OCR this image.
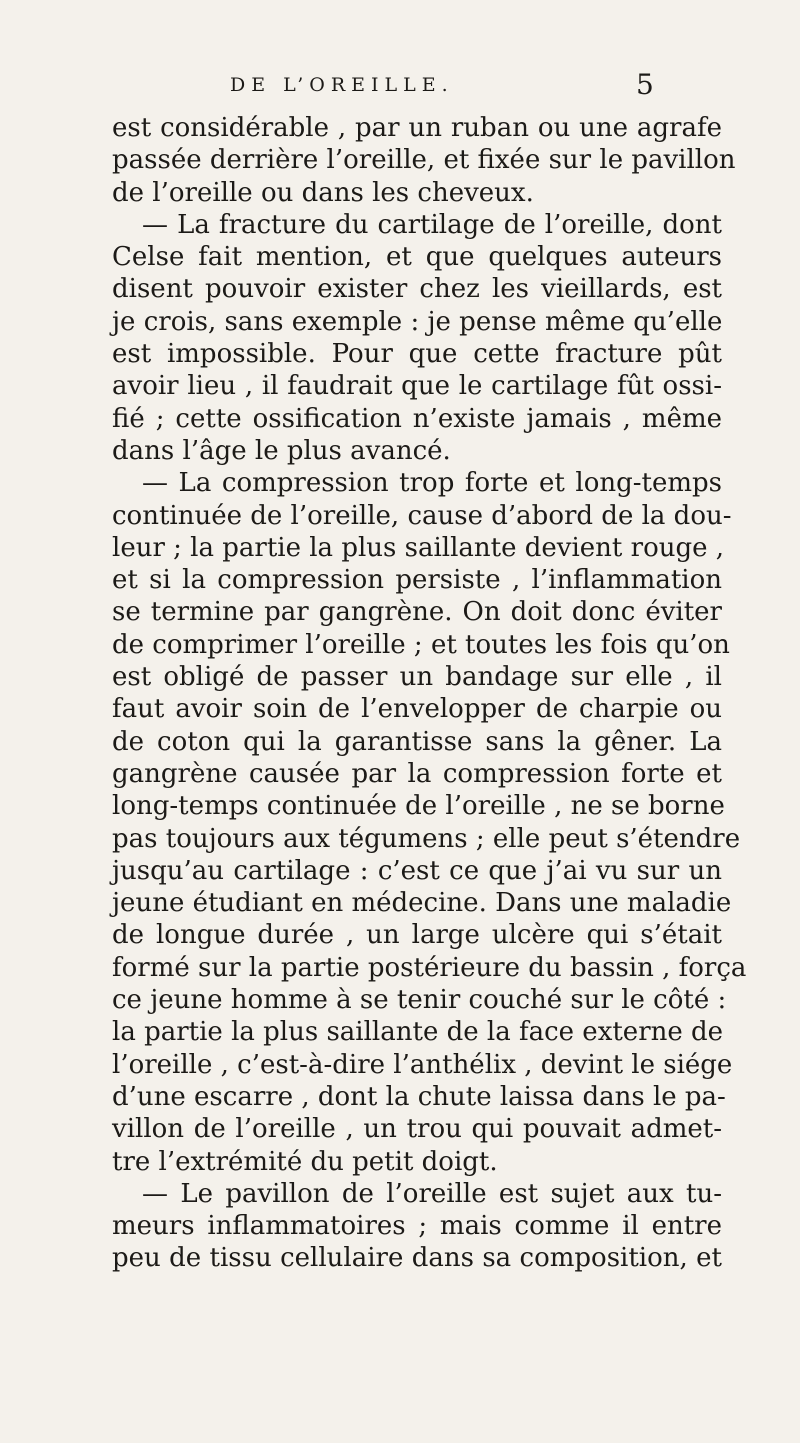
DE L’OREILLE.	5
est considérable , par un ruban ou une agrafe
passée derrière l’oreille, et fixée sur le pavillon
de l’oreille ou dans les cheveux.
— La fracture du cartilage de l’oreille, dont
Celse fait mention, et que quelques auteurs
disent pouvoir exister chez les vieillards, est
je crois, sans exemple : je pense même qu’elle
est impossible. Pour que cette fracture pût
avoir lieu , il faudrait que le cartilage fût ossi-
fié ; cette ossification n’existe jamais , même
dans l’âge le plus avancé.
— La compression trop forte et long-temps
continuée de l’oreille, cause d’abord de la dou-
leur ; la partie la plus saillante devient rouge ,
et si la compression persiste , l’inflammation
se termine par gangrène. On doit donc éviter
de comprimer l’oreille ; et toutes les fois qu’on
est obligé de passer un bandage sur elle , il
faut avoir soin de l’envelopper de charpie ou
de coton qui la garantisse sans la gêner. La
gangrène causée par la compression forte et
long-temps continuée de l’oreille , ne se borne
pas toujours aux tégumens ; elle peut s’étendre
jusqu’au cartilage : c’est ce que j’ai vu sur un
jeune étudiant en médecine. Dans une maladie
de longue durée , un large ulcère qui s’était
formé sur la partie postérieure du bassin , força
ce jeune homme à se tenir couché sur le côté :
la partie la plus saillante de la face externe de
l’oreille , c’est-à-dire l’anthélix , devint le siége
d’une escarre , dont la chute laissa dans le pa-
villon de l’oreille , un trou qui pouvait admet-
tre l’extrémité du petit doigt.
— Le pavillon de l’oreille est sujet aux tu-
meurs inflammatoires ; mais comme il entre
peu de tissu cellulaire dans sa composition, et
